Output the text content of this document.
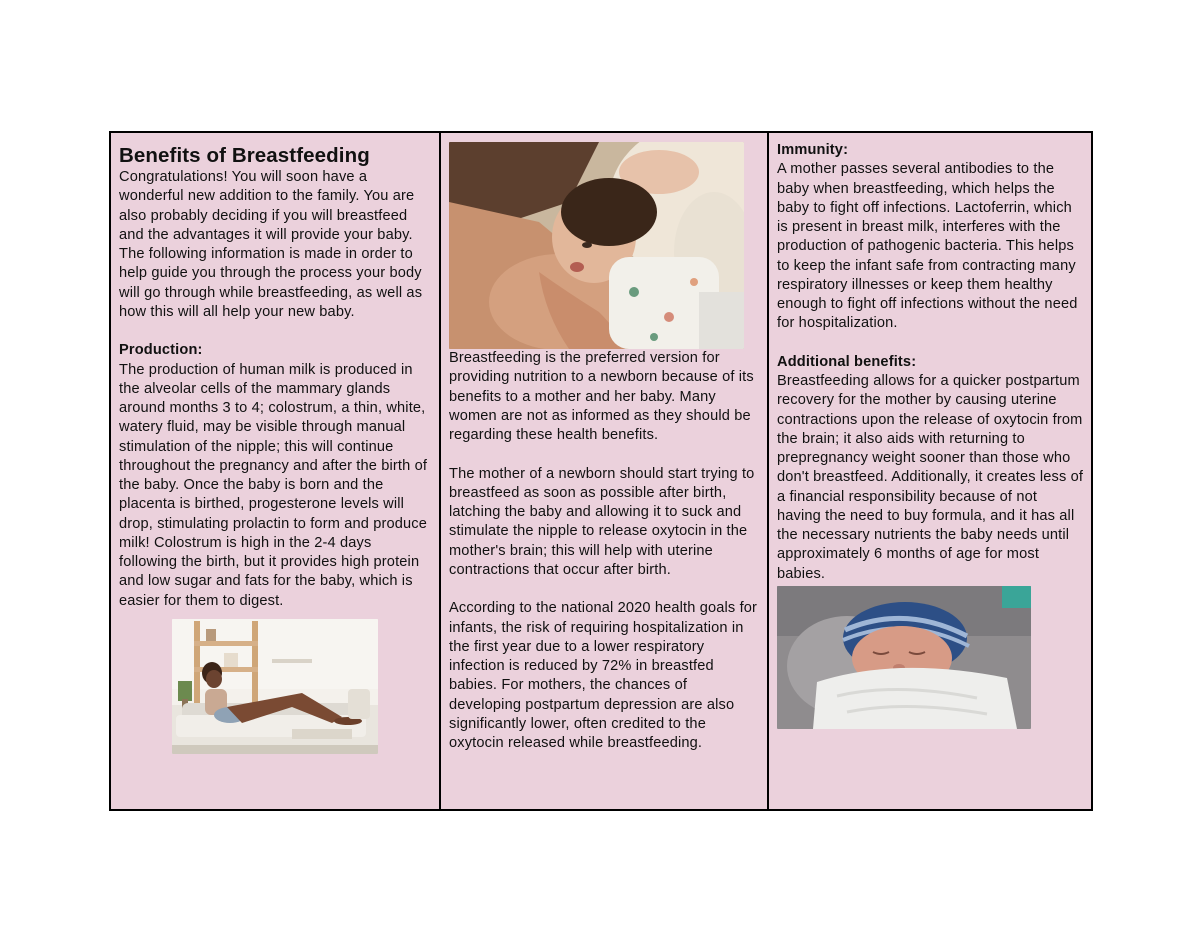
Benefits of Breastfeeding

Congratulations! You will soon have a wonderful new addition to the family. You are also probably deciding if you will breastfeed and the advantages it will provide your baby. The following information is made in order to help guide you through the process your body will go through while breastfeeding, as well as how this will all help your new baby.

Production:

The production of human milk is produced in the alveolar cells of the mammary glands around months 3 to 4; colostrum, a thin, white, watery fluid, may be visible through manual stimulation of the nipple; this will continue throughout the pregnancy and after the birth of the baby. Once the baby is born and the placenta is birthed, progesterone levels will drop, stimulating prolactin to form and produce milk! Colostrum is high in the 2-4 days following the birth, but it provides high protein and low sugar and fats for the baby, which is easier for them to digest.

Breastfeeding is the preferred version for providing nutrition to a newborn because of its benefits to a mother and her baby. Many women are not as informed as they should be regarding these health benefits.

The mother of a newborn should start trying to breastfeed as soon as possible after birth, latching the baby and allowing it to suck and stimulate the nipple to release oxytocin in the mother's brain; this will help with uterine contractions that occur after birth.

According to the national 2020 health goals for infants, the risk of requiring hospitalization in the first year due to a lower respiratory infection is reduced by 72% in breastfed babies. For mothers, the chances of developing postpartum depression are also significantly lower, often credited to the oxytocin released while breastfeeding.

Immunity:

A mother passes several antibodies to the baby when breastfeeding, which helps the baby to fight off infections. Lactoferrin, which is present in breast milk, interferes with the production of pathogenic bacteria. This helps to keep the infant safe from contracting many respiratory illnesses or keep them healthy enough to fight off infections without the need for hospitalization.

Additional benefits:

Breastfeeding allows for a quicker postpartum recovery for the mother by causing uterine contractions upon the release of oxytocin from the brain; it also aids with returning to prepregnancy weight sooner than those who don't breastfeed. Additionally, it creates less of a financial responsibility because of not having the need to buy formula, and it has all the necessary nutrients the baby needs until approximately 6 months of age for most babies.
